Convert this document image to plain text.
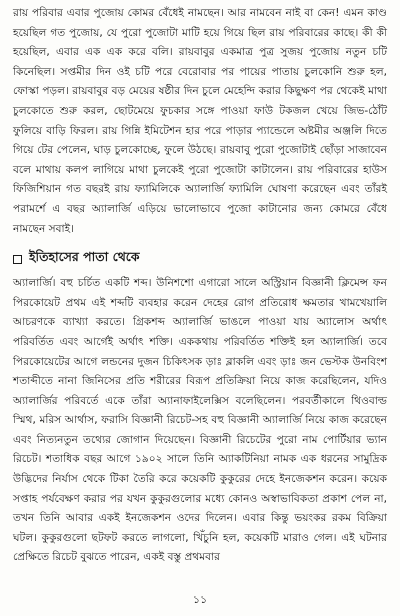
রায় পরিবার এবার পুজোয় কোমর বেঁধেই নামছেন। আর নামবেন নাই বা কেন! এমন কাণ্ড হয়েছিল গত পুজোয়, যে পুরো পুজোটা মাটি হয়ে গিয়ে ছিল রায় পরিবারের কাছে। কী কী হয়েছিল, এবার এক এক করে বলি। রায়বাবুর একমাত্র পুত্র সুজয় পুজোয় নতুন চটি কিনেছিল। সপ্তমীর দিন ওই চটি পরে বেরোবার পর পায়ের পাতায় চুলকোনি শুরু হল, ফোস্কা পড়ল। রায়বাবুর বড় মেয়ের ষষ্ঠীর দিন চুলে মেহেন্দি করার কিছুক্ষণ পর থেকেই মাথা চুলকোতে শুরু করল, ছোটমেয়ে ফুচকার সঙ্গে পাওয়া ফাউ টকজল খেয়ে জিভ-ঠোঁট ফুলিয়ে বাড়ি ফিরল। রায় গিন্নি ইমিটেশন হার পরে পাড়ার প্যান্ডেলে অষ্টমীর অঞ্জলি দিতে গিয়ে টের পেলেন, ঘাড় চুলকোচ্ছে, ফুলে উঠছে। রায়বাবু পুরো পুজোটাই ছোঁড়া সাজাবেন বলে মাথায় কলপ লাগিয়ে মাথা চুলকেই পুরো পুজোটা কাটালেন। রায় পরিবারের হাউস ফিজিশিয়ান গত বছরই রায় ফ্যামিলিকে অ্যালার্জি ফ্যামিলি ঘোষণা করেছেন এবং তাঁরই পরামর্শে এ বছর অ্যালার্জি এড়িয়ে ভালোভাবে পুজো কাটানোর জন্য কোমরে বেঁধে নামছেন সবাই।

ইতিহাসের পাতা থেকে

অ্যালার্জি। বহু চর্চিত একটি শব্দ। উনিশশো এগারো সালে অস্ট্রিয়ান বিজ্ঞানী ক্লিমেন্স ফন পিরকোয়েট প্রথম এই শব্দটি ব্যবহার করেন দেহের রোগ প্রতিরোধ ক্ষমতার খামখেয়ালি আচরণকে ব্যাখ্যা করতে। গ্রিকশব্দ অ্যালার্জি ভাঙলে পাওয়া যায় অ্যালোস অর্থাৎ পরিবর্তিত এবং আর্গেই অর্থাৎ শক্তি। এককথায় পরিবর্তিত শক্তিই হল অ্যালার্জি। তবে পিরকোয়েটের আগে লন্ডনের দুজন চিকিৎসক ড়াঃ ব্লাকলি এবং ড়াঃ জন ভেস্টক উনবিংশ শতাব্দীতে নানা জিনিসের প্রতি শরীরের বিরূপ প্রতিক্রিয়া নিয়ে কাজ করেছিলেন, যদিও অ্যালার্জির পরিবর্তে একে তাঁরা অ্যানাফাইলেক্সিস বলেছিলেন। পরবর্তীকালে থিওবাল্ড স্মিথ, মরিস আর্থাস, ফরাসি বিজ্ঞানী রিচেট-সহ বহু বিজ্ঞানী অ্যালার্জি নিয়ে কাজ করেছেন এবং নিত্যনতুন তথ্যের জোগান দিয়েছেন। বিজ্ঞানী রিচেটের পুরো নাম পোর্টিয়ার ভ্যান রিচেট। শতাধিক বছর আগে ১৯০২ সালে তিনি অ্যাকটিনিয়া নামক এক ধরনের সামুদ্রিক উদ্ভিদের নির্যাস থেকে টিকা তৈরি করে কয়েকটি কুকুরের দেহে ইনজেকশন করেন। কয়েক সপ্তাহ পর্যবেক্ষণ করার পর যখন কুকুরগুলোর মধ্যে কোনও অস্বাভাবিকতা প্রকাশ পেল না, তখন তিনি আবার একই ইনজেকশন ওদের দিলেন। এবার কিন্তু ভয়ংকর রকম বিক্রিয়া ঘটল। কুকুরগুলো ছটফট করতে লাগলো, খিঁচুনি হল, কয়েকটি মারাও গেল। এই ঘটনার প্রেক্ষিতে রিচেট বুঝতে পারেন, একই বস্তু প্রথমবার

১১
